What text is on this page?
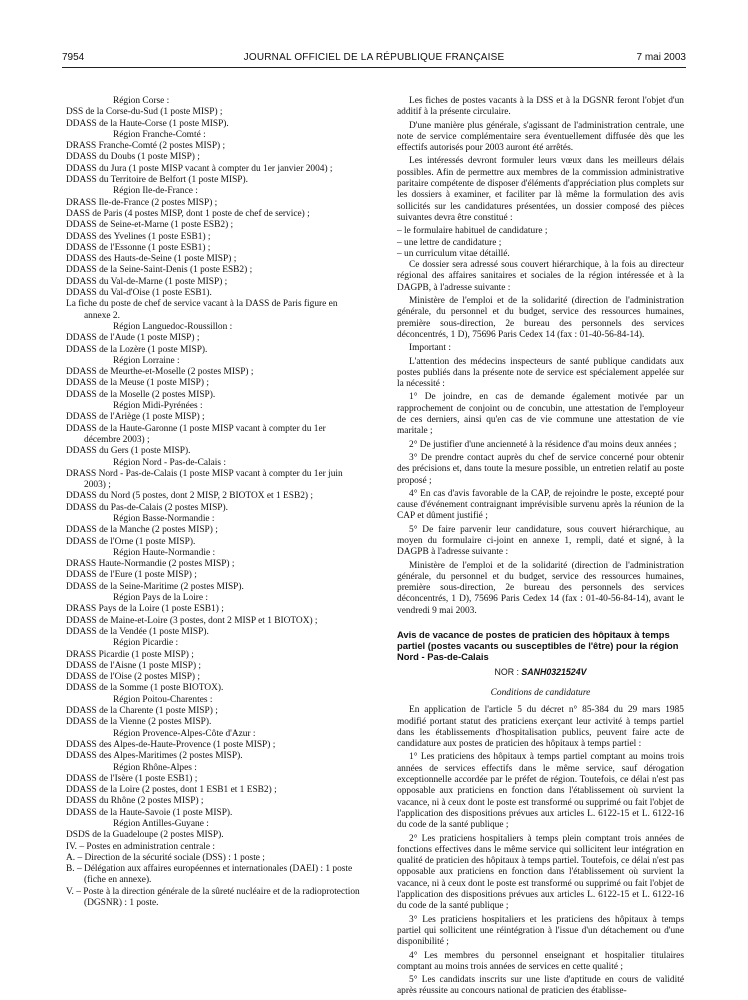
7954	JOURNAL OFFICIEL DE LA RÉPUBLIQUE FRANÇAISE	7 mai 2003
Région Corse :
DSS de la Corse-du-Sud (1 poste MISP) ;
DDASS de la Haute-Corse (1 poste MISP).
Région Franche-Comté :
DRASS Franche-Comté (2 postes MISP) ;
DDASS du Doubs (1 poste MISP) ;
DDASS du Jura (1 poste MISP vacant à compter du 1er janvier 2004) ;
DDASS du Territoire de Belfort (1 poste MISP).
Région Ile-de-France :
DRASS Ile-de-France (2 postes MISP) ;
DASS de Paris (4 postes MISP, dont 1 poste de chef de service) ;
DDASS de Seine-et-Marne (1 poste ESB2) ;
DDASS des Yvelines (1 poste ESB1) ;
DDASS de l'Essonne (1 poste ESB1) ;
DDASS des Hauts-de-Seine (1 poste MISP) ;
DDASS de la Seine-Saint-Denis (1 poste ESB2) ;
DDASS du Val-de-Marne (1 poste MISP) ;
DDASS du Val-d'Oise (1 poste ESB1).
La fiche du poste de chef de service vacant à la DASS de Paris figure en annexe 2.
Région Languedoc-Roussillon :
DDASS de l'Aude (1 poste MISP) ;
DDASS de la Lozère (1 poste MISP).
Région Lorraine :
DDASS de Meurthe-et-Moselle (2 postes MISP) ;
DDASS de la Meuse (1 poste MISP) ;
DDASS de la Moselle (2 postes MISP).
Région Midi-Pyrénées :
DDASS de l'Ariège (1 poste MISP) ;
DDASS de la Haute-Garonne (1 poste MISP vacant à compter du 1er décembre 2003) ;
DDASS du Gers (1 poste MISP).
Région Nord - Pas-de-Calais :
DRASS Nord - Pas-de-Calais (1 poste MISP vacant à compter du 1er juin 2003) ;
DDASS du Nord (5 postes, dont 2 MISP, 2 BIOTOX et 1 ESB2) ;
DDASS du Pas-de-Calais (2 postes MISP).
Région Basse-Normandie :
DDASS de la Manche (2 postes MISP) ;
DDASS de l'Orne (1 poste MISP).
Région Haute-Normandie :
DRASS Haute-Normandie (2 postes MISP) ;
DDASS de l'Eure (1 poste MISP) ;
DDASS de la Seine-Maritime (2 postes MISP).
Région Pays de la Loire :
DRASS Pays de la Loire (1 poste ESB1) ;
DDASS de Maine-et-Loire (3 postes, dont 2 MISP et 1 BIOTOX) ;
DDASS de la Vendée (1 poste MISP).
Région Picardie :
DRASS Picardie (1 poste MISP) ;
DDASS de l'Aisne (1 poste MISP) ;
DDASS de l'Oise (2 postes MISP) ;
DDASS de la Somme (1 poste BIOTOX).
Région Poitou-Charentes :
DDASS de la Charente (1 poste MISP) ;
DDASS de la Vienne (2 postes MISP).
Région Provence-Alpes-Côte d'Azur :
DDASS des Alpes-de-Haute-Provence (1 poste MISP) ;
DDASS des Alpes-Maritimes (2 postes MISP).
Région Rhône-Alpes :
DDASS de l'Isère (1 poste ESB1) ;
DDASS de la Loire (2 postes, dont 1 ESB1 et 1 ESB2) ;
DDASS du Rhône (2 postes MISP) ;
DDASS de la Haute-Savoie (1 poste MISP).
Région Antilles-Guyane :
DSDS de la Guadeloupe (2 postes MISP).
IV. – Postes en administration centrale :
A. – Direction de la sécurité sociale (DSS) : 1 poste ;
B. – Délégation aux affaires européennes et internationales (DAEI) : 1 poste (fiche en annexe).
V. – Poste à la direction générale de la sûreté nucléaire et de la radioprotection (DGSNR) : 1 poste.

Les fiches de postes vacants à la DSS et à la DGSNR feront l'objet d'un additif à la présente circulaire.

D'une manière plus générale, s'agissant de l'administration centrale, une note de service complémentaire sera éventuellement diffusée dès que les effectifs autorisés pour 2003 auront été arrêtés.

Les intéressés devront formuler leurs vœux dans les meilleurs délais possibles. Afin de permettre aux membres de la commission administrative paritaire compétente de disposer d'éléments d'appréciation plus complets sur les dossiers à examiner, et faciliter par là même la formulation des avis sollicités sur les candidatures présentées, un dossier composé des pièces suivantes devra être constitué :

– le formulaire habituel de candidature ;

– une lettre de candidature ;

– un curriculum vitae détaillé.

Ce dossier sera adressé sous couvert hiérarchique, à la fois au directeur régional des affaires sanitaires et sociales de la région intéressée et à la DAGPB, à l'adresse suivante :

Ministère de l'emploi et de la solidarité (direction de l'administration générale, du personnel et du budget, service des ressources humaines, première sous-direction, 2e bureau des personnels des services déconcentrés, 1 D), 75696 Paris Cedex 14 (fax : 01-40-56-84-14).

Important :

L'attention des médecins inspecteurs de santé publique candidats aux postes publiés dans la présente note de service est spécialement appelée sur la nécessité :

1° De joindre, en cas de demande également motivée par un rapprochement de conjoint ou de concubin, une attestation de l'employeur de ces derniers, ainsi qu'en cas de vie commune une attestation de vie maritale ;

2° De justifier d'une ancienneté à la résidence d'au moins deux années ;

3° De prendre contact auprès du chef de service concerné pour obtenir des précisions et, dans toute la mesure possible, un entretien relatif au poste proposé ;

4° En cas d'avis favorable de la CAP, de rejoindre le poste, excepté pour cause d'événement contraignant imprévisible survenu après la réunion de la CAP et dûment justifié ;

5° De faire parvenir leur candidature, sous couvert hiérarchique, au moyen du formulaire ci-joint en annexe 1, rempli, daté et signé, à la DAGPB à l'adresse suivante :

Ministère de l'emploi et de la solidarité (direction de l'administration générale, du personnel et du budget, service des ressources humaines, première sous-direction, 2e bureau des personnels des services déconcentrés, 1 D), 75696 Paris Cedex 14 (fax : 01-40-56-84-14), avant le vendredi 9 mai 2003.

Avis de vacance de postes de praticien des hôpitaux à temps partiel (postes vacants ou susceptibles de l'être) pour la région Nord - Pas-de-Calais
NOR : SANH0321524V
Conditions de candidature

En application de l'article 5 du décret n° 85-384 du 29 mars 1985 modifié portant statut des praticiens exerçant leur activité à temps partiel dans les établissements d'hospitalisation publics, peuvent faire acte de candidature aux postes de praticien des hôpitaux à temps partiel :

1° Les praticiens des hôpitaux à temps partiel comptant au moins trois années de services effectifs dans le même service, sauf dérogation exceptionnelle accordée par le préfet de région. Toutefois, ce délai n'est pas opposable aux praticiens en fonction dans l'établissement où survient la vacance, ni à ceux dont le poste est transformé ou supprimé ou fait l'objet de l'application des dispositions prévues aux articles L. 6122-15 et L. 6122-16 du code de la santé publique ;

2° Les praticiens hospitaliers à temps plein comptant trois années de fonctions effectives dans le même service qui sollicitent leur intégration en qualité de praticien des hôpitaux à temps partiel. Toutefois, ce délai n'est pas opposable aux praticiens en fonction dans l'établissement où survient la vacance, ni à ceux dont le poste est transformé ou supprimé ou fait l'objet de l'application des dispositions prévues aux articles L. 6122-15 et L. 6122-16 du code de la santé publique ;

3° Les praticiens hospitaliers et les praticiens des hôpitaux à temps partiel qui sollicitent une réintégration à l'issue d'un détachement ou d'une disponibilité ;

4° Les membres du personnel enseignant et hospitalier titulaires comptant au moins trois années de services en cette qualité ;

5° Les candidats inscrits sur une liste d'aptitude en cours de validité après réussite au concours national de praticien des établisse-
